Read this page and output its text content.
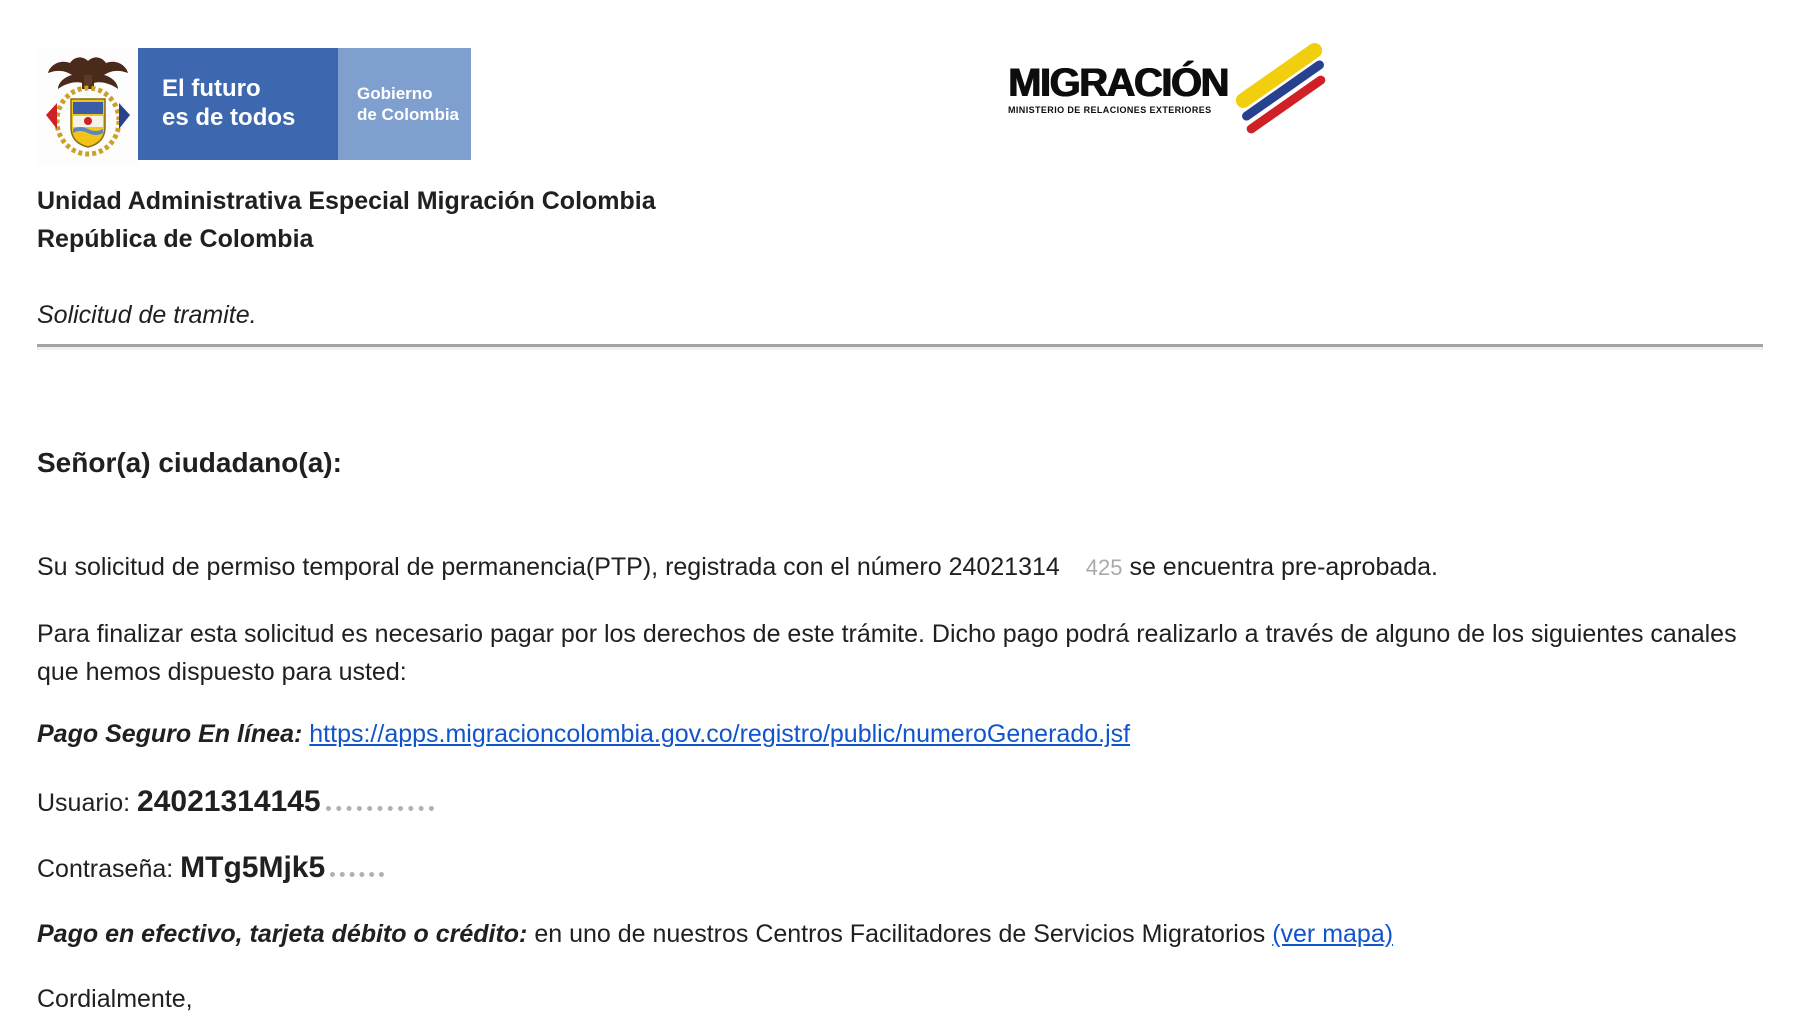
El futuro
es de todos
Gobierno
de Colombia
MIGRACIÓN
MINISTERIO DE RELACIONES EXTERIORES

Unidad Administrativa Especial Migración Colombia

República de Colombia

Solicitud de tramite.

Señor(a) ciudadano(a):

Su solicitud de permiso temporal de permanencia(PTP), registrada con el número 24021314 425 se encuentra pre-aprobada.

Para finalizar esta solicitud es necesario pagar por los derechos de este trámite. Dicho pago podrá realizarlo a través de alguno de los siguientes canales que hemos dispuesto para usted:

Pago Seguro En línea: https://apps.migracioncolombia.gov.co/registro/public/numeroGenerado.jsf

Usuario: 24021314145

Contraseña: MTg5Mjk5

Pago en efectivo, tarjeta débito o crédito: en uno de nuestros Centros Facilitadores de Servicios Migratorios (ver mapa)

Cordialmente,
